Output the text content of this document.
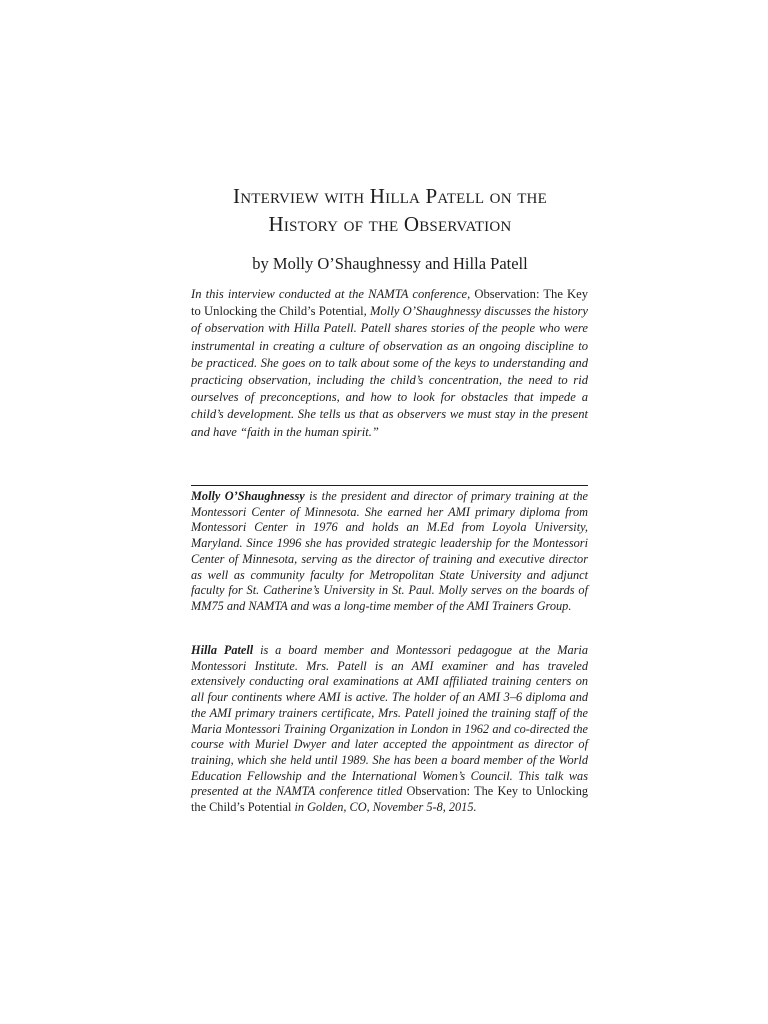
Interview with Hilla Patell on the
History of the Observation

by Molly O’Shaughnessy and Hilla Patell

In this interview conducted at the NAMTA conference, Observation: The Key to Unlocking the Child’s Potential, Molly O’Shaughnessy discusses the history of observation with Hilla Patell. Patell shares stories of the people who were instrumental in creating a culture of observation as an ongoing discipline to be practiced. She goes on to talk about some of the keys to understanding and practicing observation, including the child’s concentration, the need to rid ourselves of preconceptions, and how to look for obstacles that impede a child’s development. She tells us that as observers we must stay in the present and have “faith in the human spirit.”

Molly O’Shaughnessy is the president and director of primary training at the Montessori Center of Minnesota. She earned her AMI primary diploma from Montessori Center in 1976 and holds an M.Ed from Loyola University, Maryland. Since 1996 she has provided strategic leadership for the Montessori Center of Minnesota, serving as the director of training and executive director as well as community faculty for Metropolitan State University and adjunct faculty for St. Catherine’s University in St. Paul. Molly serves on the boards of MM75 and NAMTA and was a long-time member of the AMI Trainers Group.

Hilla Patell is a board member and Montessori pedagogue at the Maria Montessori Institute. Mrs. Patell is an AMI examiner and has traveled extensively conducting oral examinations at AMI affiliated training centers on all four continents where AMI is active. The holder of an AMI 3–6 diploma and the AMI primary trainers certificate, Mrs. Patell joined the training staff of the Maria Montessori Training Organization in London in 1962 and co-directed the course with Muriel Dwyer and later accepted the appointment as director of training, which she held until 1989. She has been a board member of the World Education Fellowship and the International Women’s Council. This talk was presented at the NAMTA conference titled Observation: The Key to Unlocking the Child’s Potential in Golden, CO, November 5-8, 2015.
